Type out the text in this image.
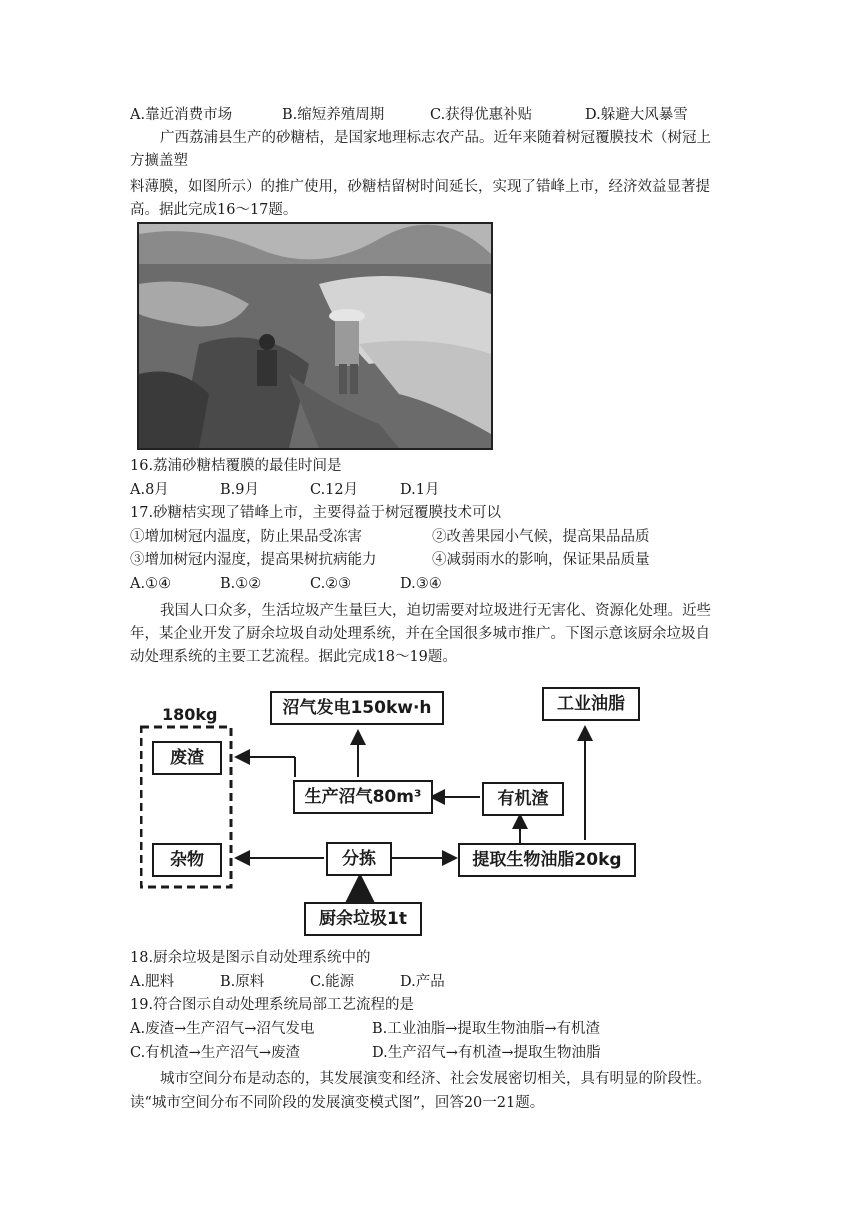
A.靠近消费市场	B.缩短养殖周期	C.获得优惠补贴	D.躲避大风暴雪
广西荔浦县生产的砂糖桔，是国家地理标志农产品。近年来随着树冠覆膜技术（树冠上
方擴盖塑
料薄膜，如图所示）的推广使用，砂糖桔留树时间延长，实现了错峰上市，经济效益显著提
高。据此完成16～17题。
16.荔浦砂糖桔覆膜的最佳时间是
A.8月	B.9月	C.12月	D.1月
17.砂糖桔实现了错峰上市，主要得益于树冠覆膜技术可以
①增加树冠内温度，防止果品受冻害	②改善果园小气候，提高果品品质
③增加树冠内湿度，提高果树抗病能力	④减弱雨水的影响，保证果品质量
A.①④	B.①②	C.②③	D.③④
我国人口众多，生活垃圾产生量巨大，迫切需要对垃圾进行无害化、资源化处理。近些
年，某企业开发了厨余垃圾自动处理系统，并在全国很多城市推广。下图示意该厨余垃圾自
动处理系统的主要工艺流程。据此完成18～19题。
180kg
废渣
杂物
沼气发电150kw·h
生产沼气80m³	有机渣
工业油脂
分拣	提取生物油脂20kg
厨余垃圾1t
18.厨余垃圾是图示自动处理系统中的
A.肥料	B.原料	C.能源	D.产品
19.符合图示自动处理系统局部工艺流程的是
A.废渣→生产沼气→沼气发电	B.工业油脂→提取生物油脂→有机渣
C.有机渣→生产沼气→废渣	D.生产沼气→有机渣→提取生物油脂
城市空间分布是动态的，其发展演变和经济、社会发展密切相关，具有明显的阶段性。
读“城市空间分布不同阶段的发展演变模式图”，回答20一21题。
